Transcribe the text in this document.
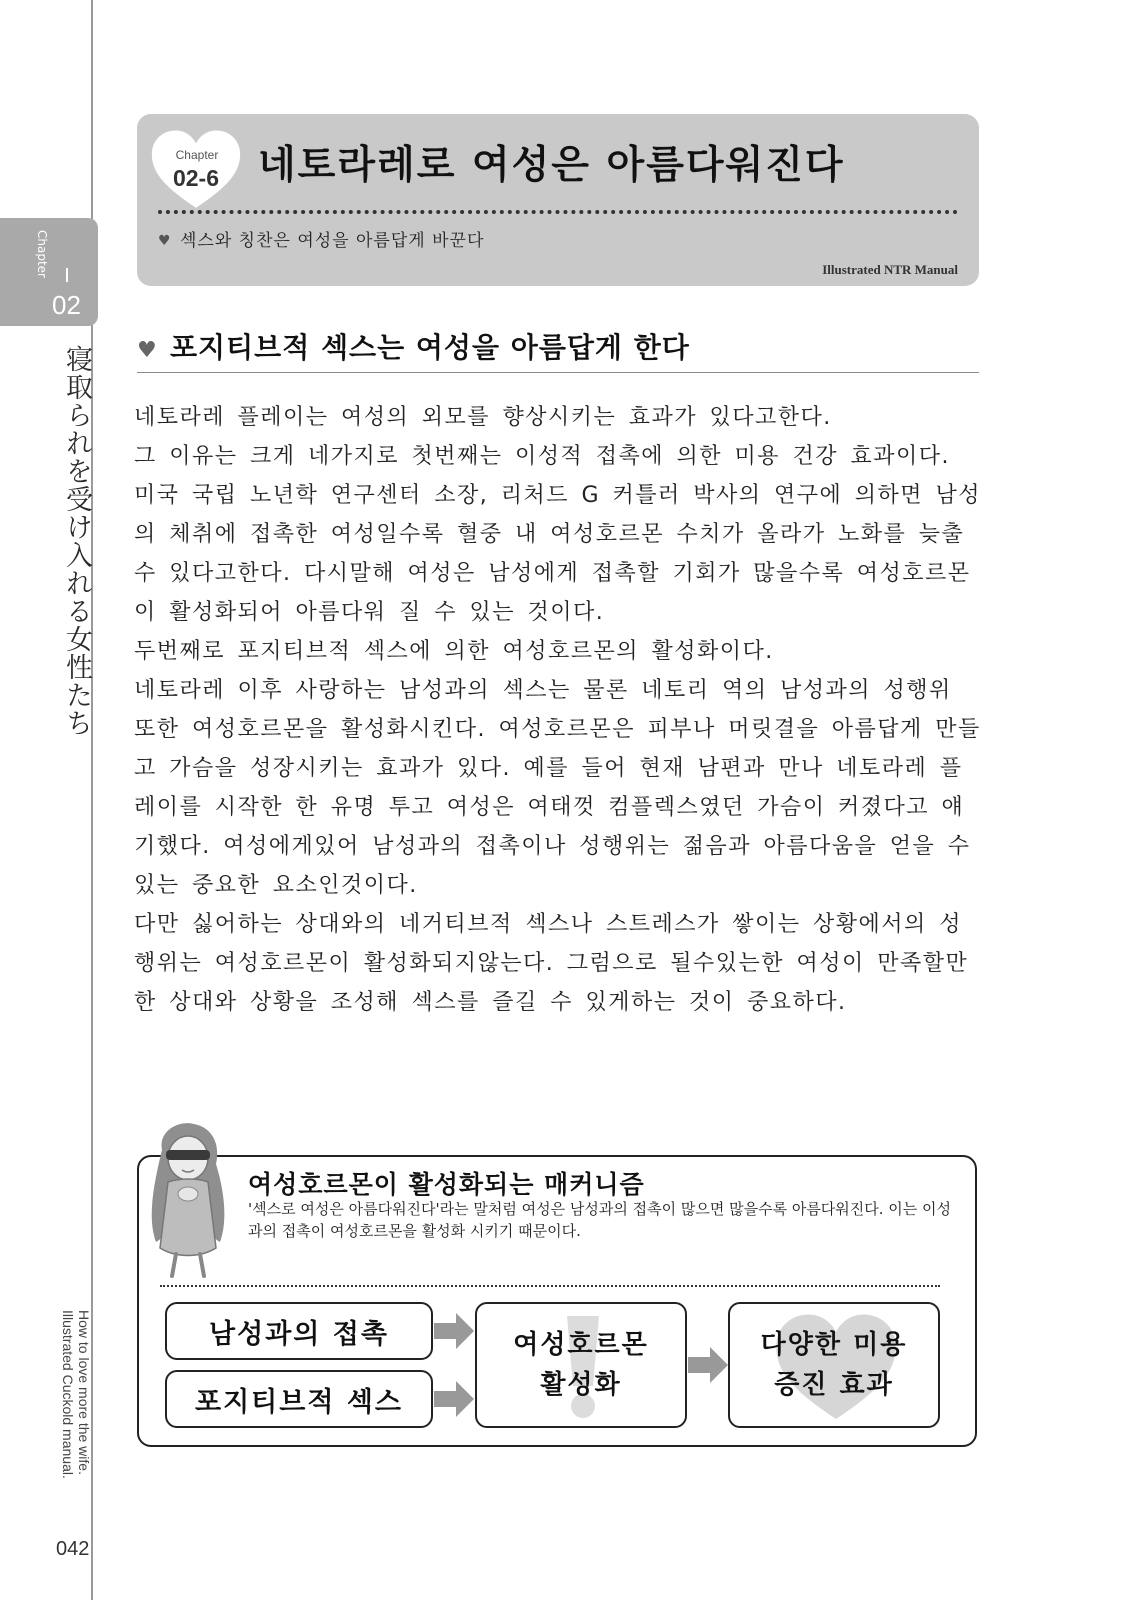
Chapter
02
寝取られを受け入れる女性たち
How to love more the wife.
Illustrated Cuckold manual.
042
Chapter
02-6 네토라레로 여성은 아름다워진다
♥ 섹스와 칭찬은 여성을 아름답게 바꾼다
Illustrated NTR Manual
♥ 포지티브적 섹스는 여성을 아름답게 한다

네토라레 플레이는 여성의 외모를 향상시키는 효과가 있다고한다.

그 이유는 크게 네가지로 첫번째는 이성적 접촉에 의한 미용 건강 효과이다.

미국 국립 노년학 연구센터 소장, 리처드 G 커틀러 박사의 연구에 의하면 남성의 체취에 접촉한 여성일수록 혈중 내 여성호르몬 수치가 올라가 노화를 늦출 수 있다고한다. 다시말해 여성은 남성에게 접촉할 기회가 많을수록 여성호르몬이 활성화되어 아름다워 질 수 있는 것이다.

두번째로 포지티브적 섹스에 의한 여성호르몬의 활성화이다.

네토라레 이후 사랑하는 남성과의 섹스는 물론 네토리 역의 남성과의 성행위 또한 여성호르몬을 활성화시킨다. 여성호르몬은 피부나 머릿결을 아름답게 만들고 가슴을 성장시키는 효과가 있다. 예를 들어 현재 남편과 만나 네토라레 플레이를 시작한 한 유명 투고 여성은 여태껏 컴플렉스였던 가슴이 커졌다고 얘기했다. 여성에게있어 남성과의 접촉이나 성행위는 젊음과 아름다움을 얻을 수 있는 중요한 요소인것이다.

다만 싫어하는 상대와의 네거티브적 섹스나 스트레스가 쌓이는 상황에서의 성행위는 여성호르몬이 활성화되지않는다. 그럼으로 될수있는한 여성이 만족할만한 상대와 상황을 조성해 섹스를 즐길 수 있게하는 것이 중요하다.

여성호르몬이 활성화되는 매커니즘
'섹스로 여성은 아름다워진다'라는 말처럼 여성은 남성과의 접촉이 많으면 많을수록 아름다워진다. 이는 이성과의 접촉이 여성호르몬을 활성화 시키기 때문이다.
남성과의 접촉
포지티브적 섹스
여성호르몬
활성화
다양한 미용
증진 효과
